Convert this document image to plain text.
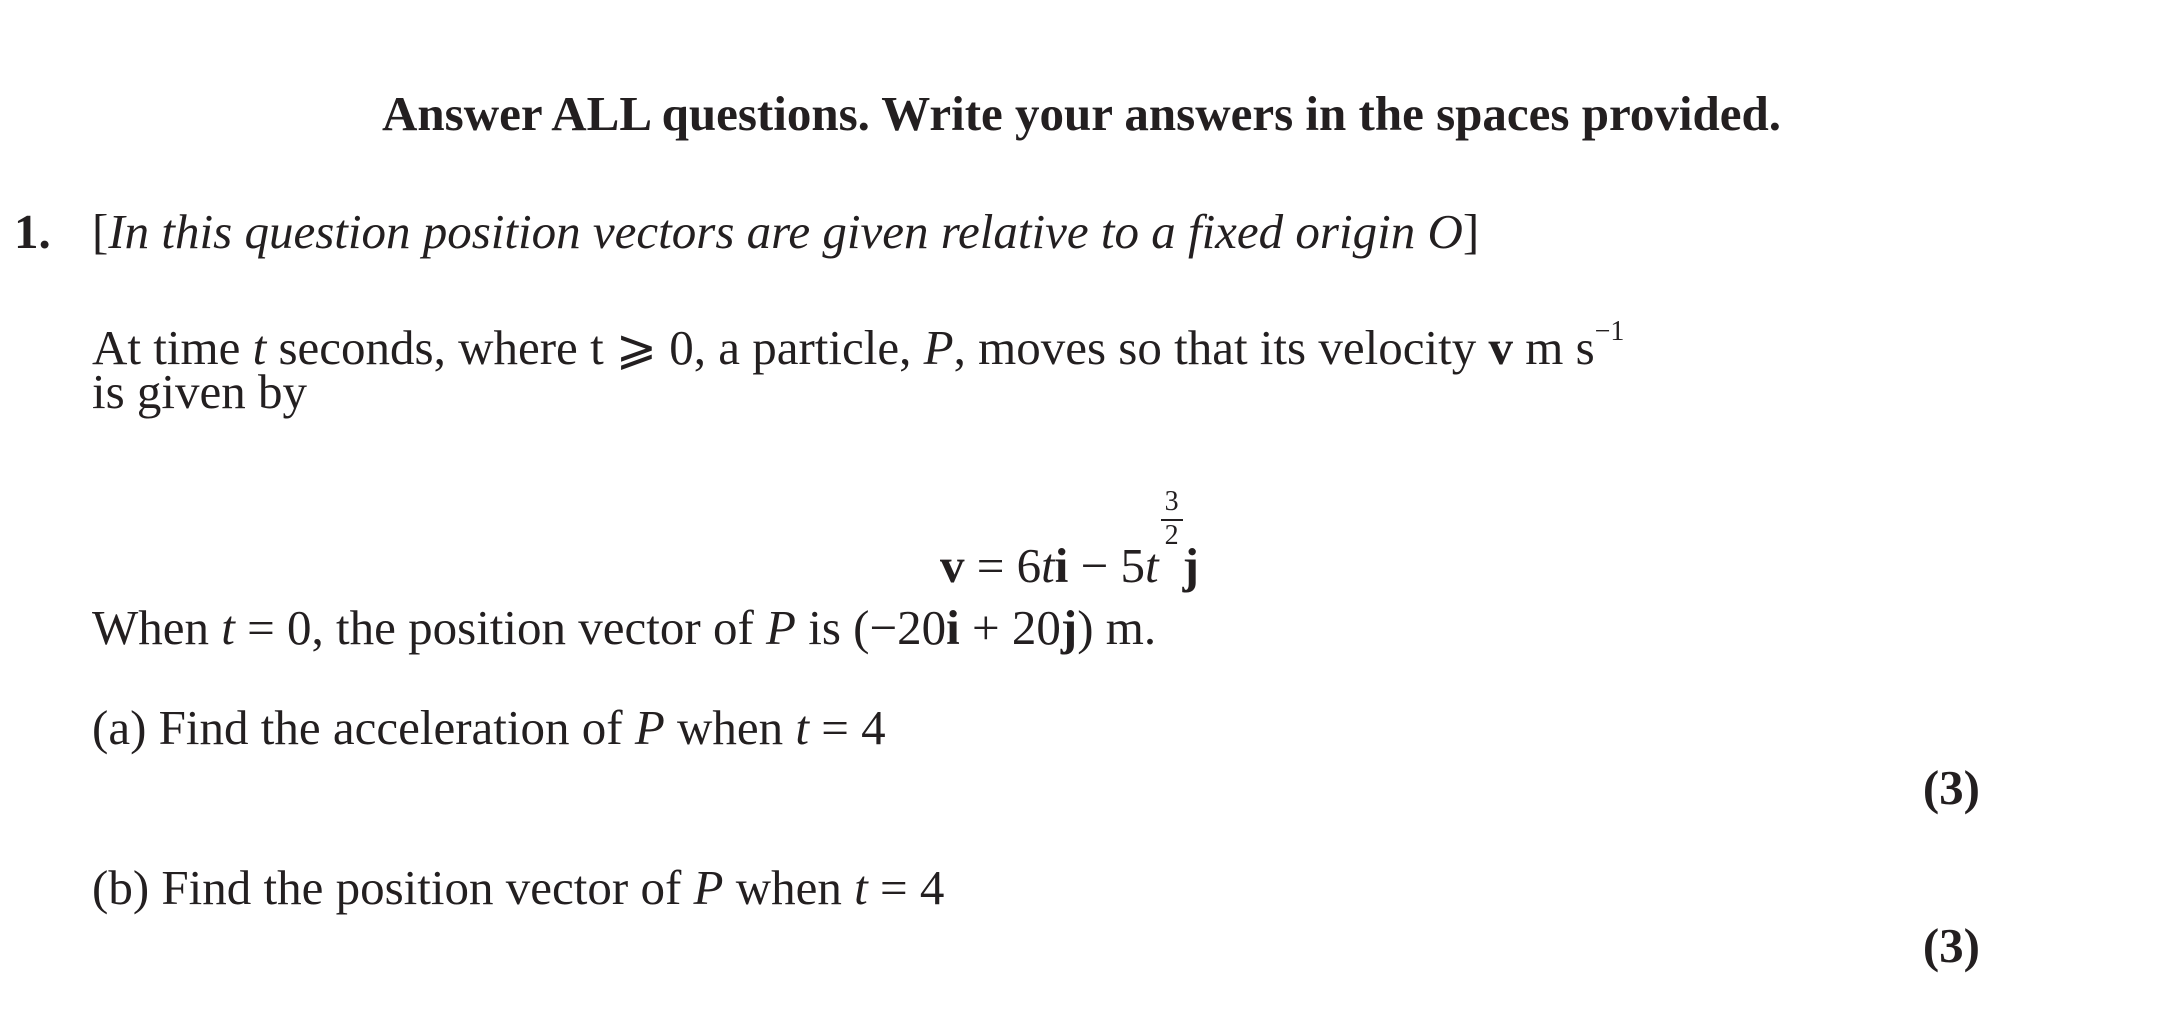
Answer ALL questions. Write your answers in the spaces provided.
1. [In this question position vectors are given relative to a fixed origin O]
At time t seconds, where t ⩾ 0, a particle, P, moves so that its velocity v m $s^{-1}$
is given by
v = 6ti − 5t
$\frac{3}{2}$
j
When t = 0, the position vector of P is (−20i + 20j) m.
(a) Find the acceleration of P when t = 4
(3)
(b) Find the position vector of P when t = 4
(3)
